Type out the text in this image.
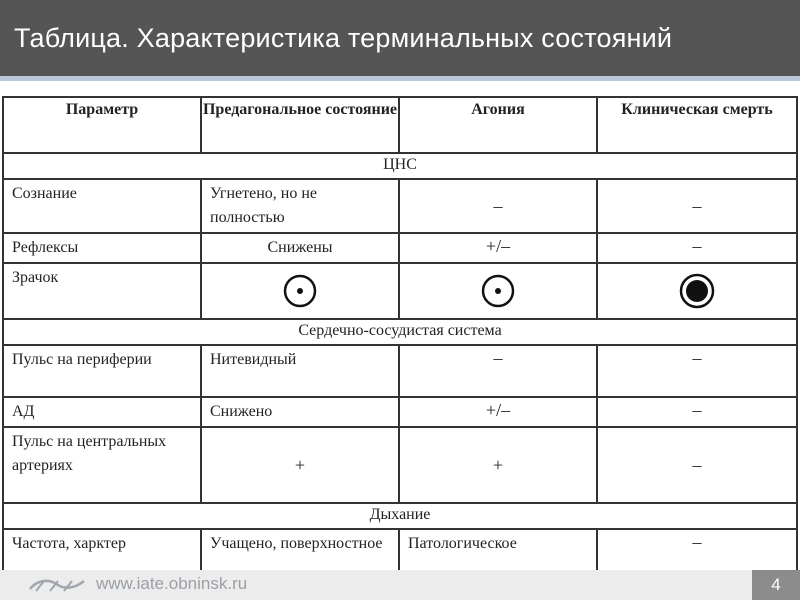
Таблица. Характеристика терминальных состояний
Параметр	Предагональное состояние	Агония	Клиническая смерть
ЦНС			
Сознание	Угнетено, но не полностью	–	–
Рефлексы	Снижены	+/–	–
Зрачок			
Сердечно-сосудистая система			
Пульс на периферии	Нитевидный	–	–
АД	Снижено	+/–	–
Пульс на центральных артериях	+	+	–
Дыхание			
Частота, харктер	Учащено, поверхностное	Патологическое	–
www.iate.obninsk.ru	4
